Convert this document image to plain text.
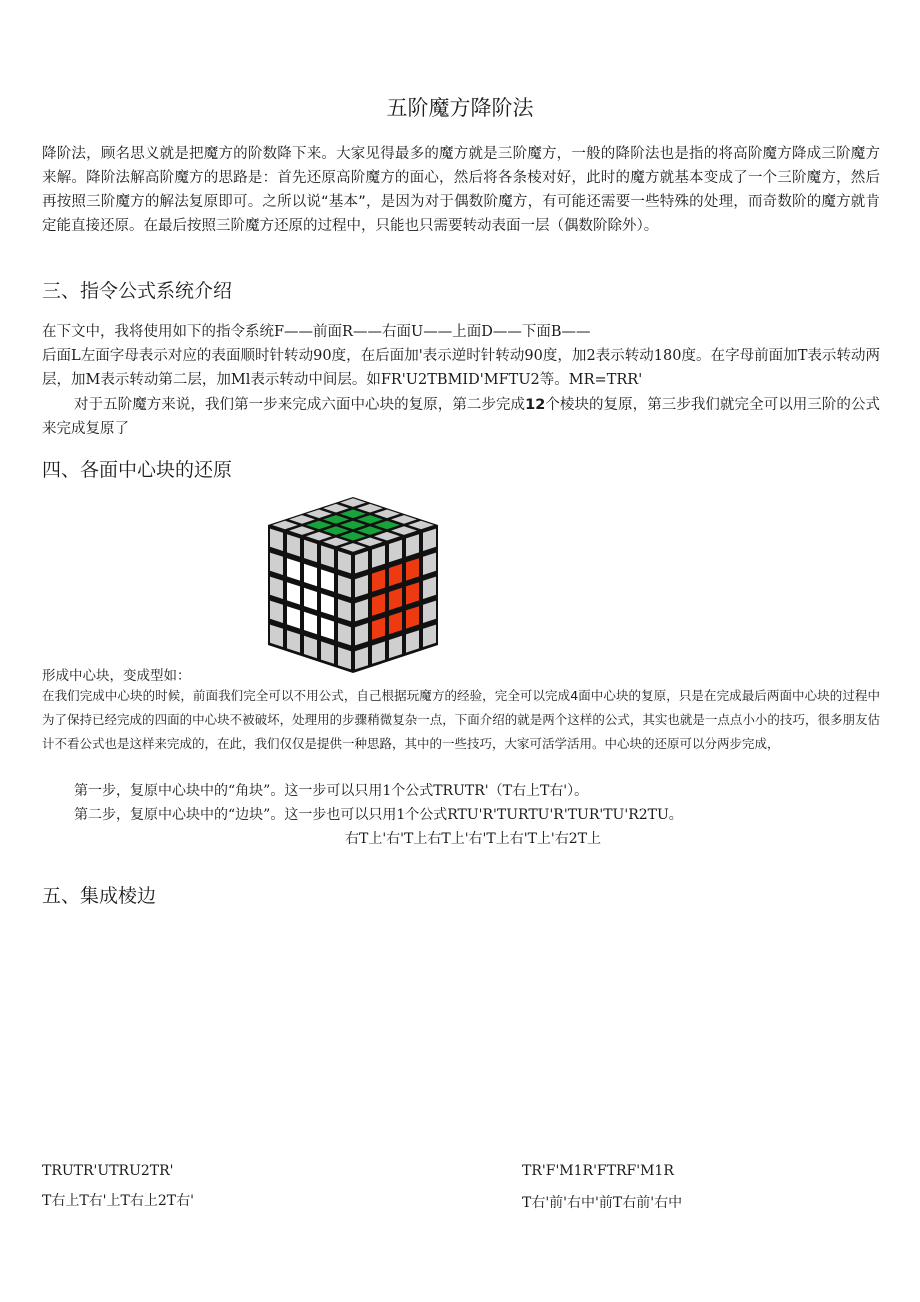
五阶魔方降阶法

降阶法，顾名思义就是把魔方的阶数降下来。大家见得最多的魔方就是三阶魔方，一般的降阶法也是指的将高阶魔方降成三阶魔方来解。降阶法解高阶魔方的思路是：首先还原高阶魔方的面心，然后将各条棱对好，此时的魔方就基本变成了一个三阶魔方，然后再按照三阶魔方的解法复原即可。之所以说“基本”，是因为对于偶数阶魔方，有可能还需要一些特殊的处理，而奇数阶的魔方就肯定能直接还原。在最后按照三阶魔方还原的过程中，只能也只需要转动表面一层（偶数阶除外）。

三、指令公式系统介绍
在下文中，我将使用如下的指令系统F——前面R——右面U——上面D——下面B——
后面L左面字母表示对应的表面顺时针转动90度，在后面加'表示逆时针转动90度，加2表示转动180度。在字母前面加T表示转动两层，加M表示转动第二层，加Ml表示转动中间层。如FR'U2TBMID'MFTU2等。MR=TRR'
对于五阶魔方来说，我们第一步来完成六面中心块的复原，第二步完成12个棱块的复原，第三步我们就完全可以用三阶的公式来完成复原了
四、各面中心块的还原
形成中心块，变成型如：

在我们完成中心块的时候，前面我们完全可以不用公式，自己根据玩魔方的经验，完全可以完成4面中心块的复原，只是在完成最后两面中心块的过程中为了保持已经完成的四面的中心块不被破坏，处理用的步骤稍微复杂一点，下面介绍的就是两个这样的公式，其实也就是一点点小小的技巧，很多朋友估计不看公式也是这样来完成的，在此，我们仅仅是提供一种思路，其中的一些技巧，大家可活学活用。中心块的还原可以分两步完成，

第一步，复原中心块中的“角块”。这一步可以只用1个公式TRUTR'（T右上T右'）。
第二步，复原中心块中的“边块”。这一步也可以只用1个公式RTU'R'TURTU'R'TUR'TU'R2TU。
右T上'右'T上右T上'右'T上右'T上'右2T上
五、集成棱边
TRUTR'UTRU2TR'
T右上T右'上T右上2T右'
TR'F'M1R'FTRF'M1R
T右'前'右中'前T右前'右中
